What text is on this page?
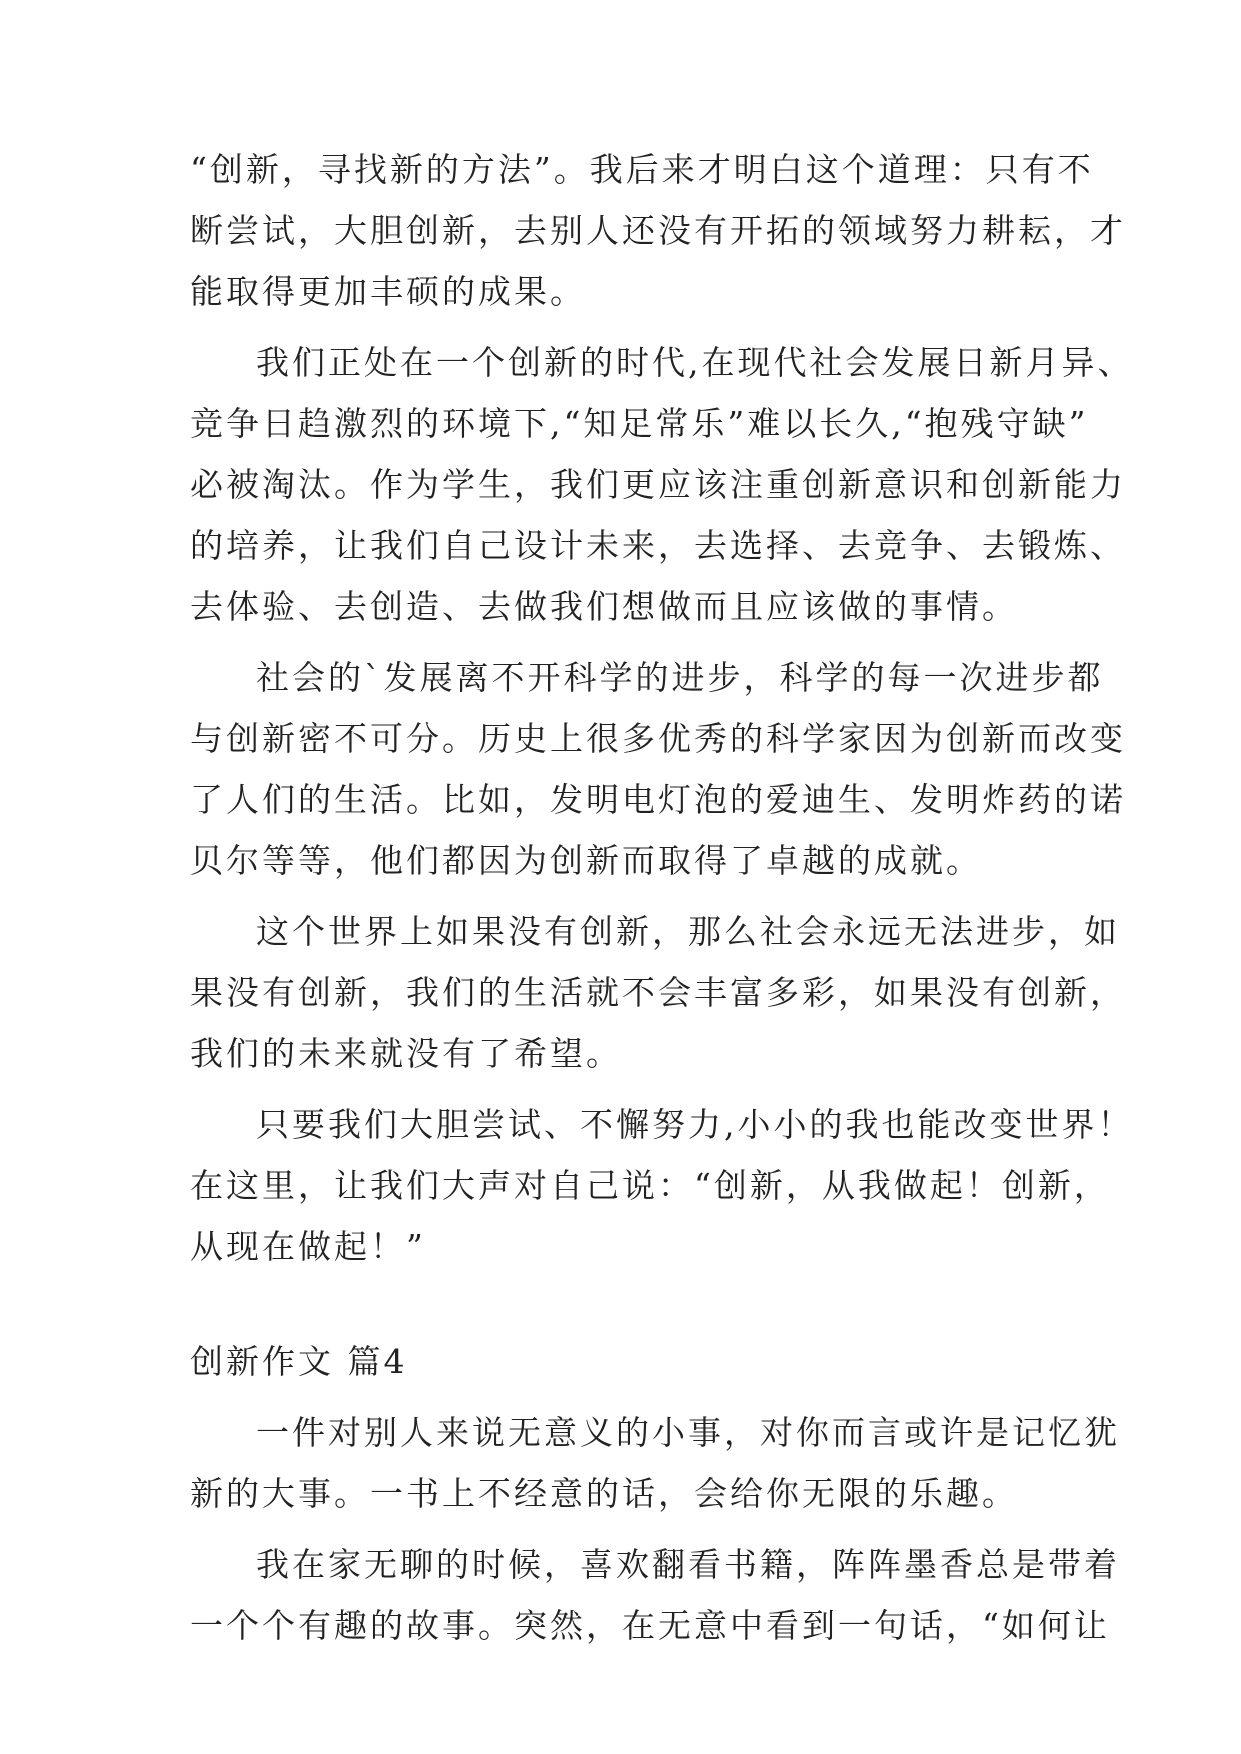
“创新，寻找新的方法”。我后来才明白这个道理：只有不
断尝试，大胆创新，去别人还没有开拓的领域努力耕耘，才
能取得更加丰硕的成果。
我们正处在一个创新的时代,在现代社会发展日新月异、
竞争日趋激烈的环境下,“知足常乐”难以长久,“抱残守缺”
必被淘汰。作为学生，我们更应该注重创新意识和创新能力
的培养，让我们自己设计未来，去选择、去竞争、去锻炼、
去体验、去创造、去做我们想做而且应该做的事情。
社会的`发展离不开科学的进步，科学的每一次进步都
与创新密不可分。历史上很多优秀的科学家因为创新而改变
了人们的生活。比如，发明电灯泡的爱迪生、发明炸药的诺
贝尔等等，他们都因为创新而取得了卓越的成就。
这个世界上如果没有创新，那么社会永远无法进步，如
果没有创新，我们的生活就不会丰富多彩，如果没有创新，
我们的未来就没有了希望。
只要我们大胆尝试、不懈努力,小小的我也能改变世界！
在这里，让我们大声对自己说：“创新，从我做起！创新，
从现在做起！”
创新作文 篇4
一件对别人来说无意义的小事，对你而言或许是记忆犹
新的大事。一书上不经意的话，会给你无限的乐趣。
我在家无聊的时候，喜欢翻看书籍，阵阵墨香总是带着
一个个有趣的故事。突然，在无意中看到一句话，“如何让
